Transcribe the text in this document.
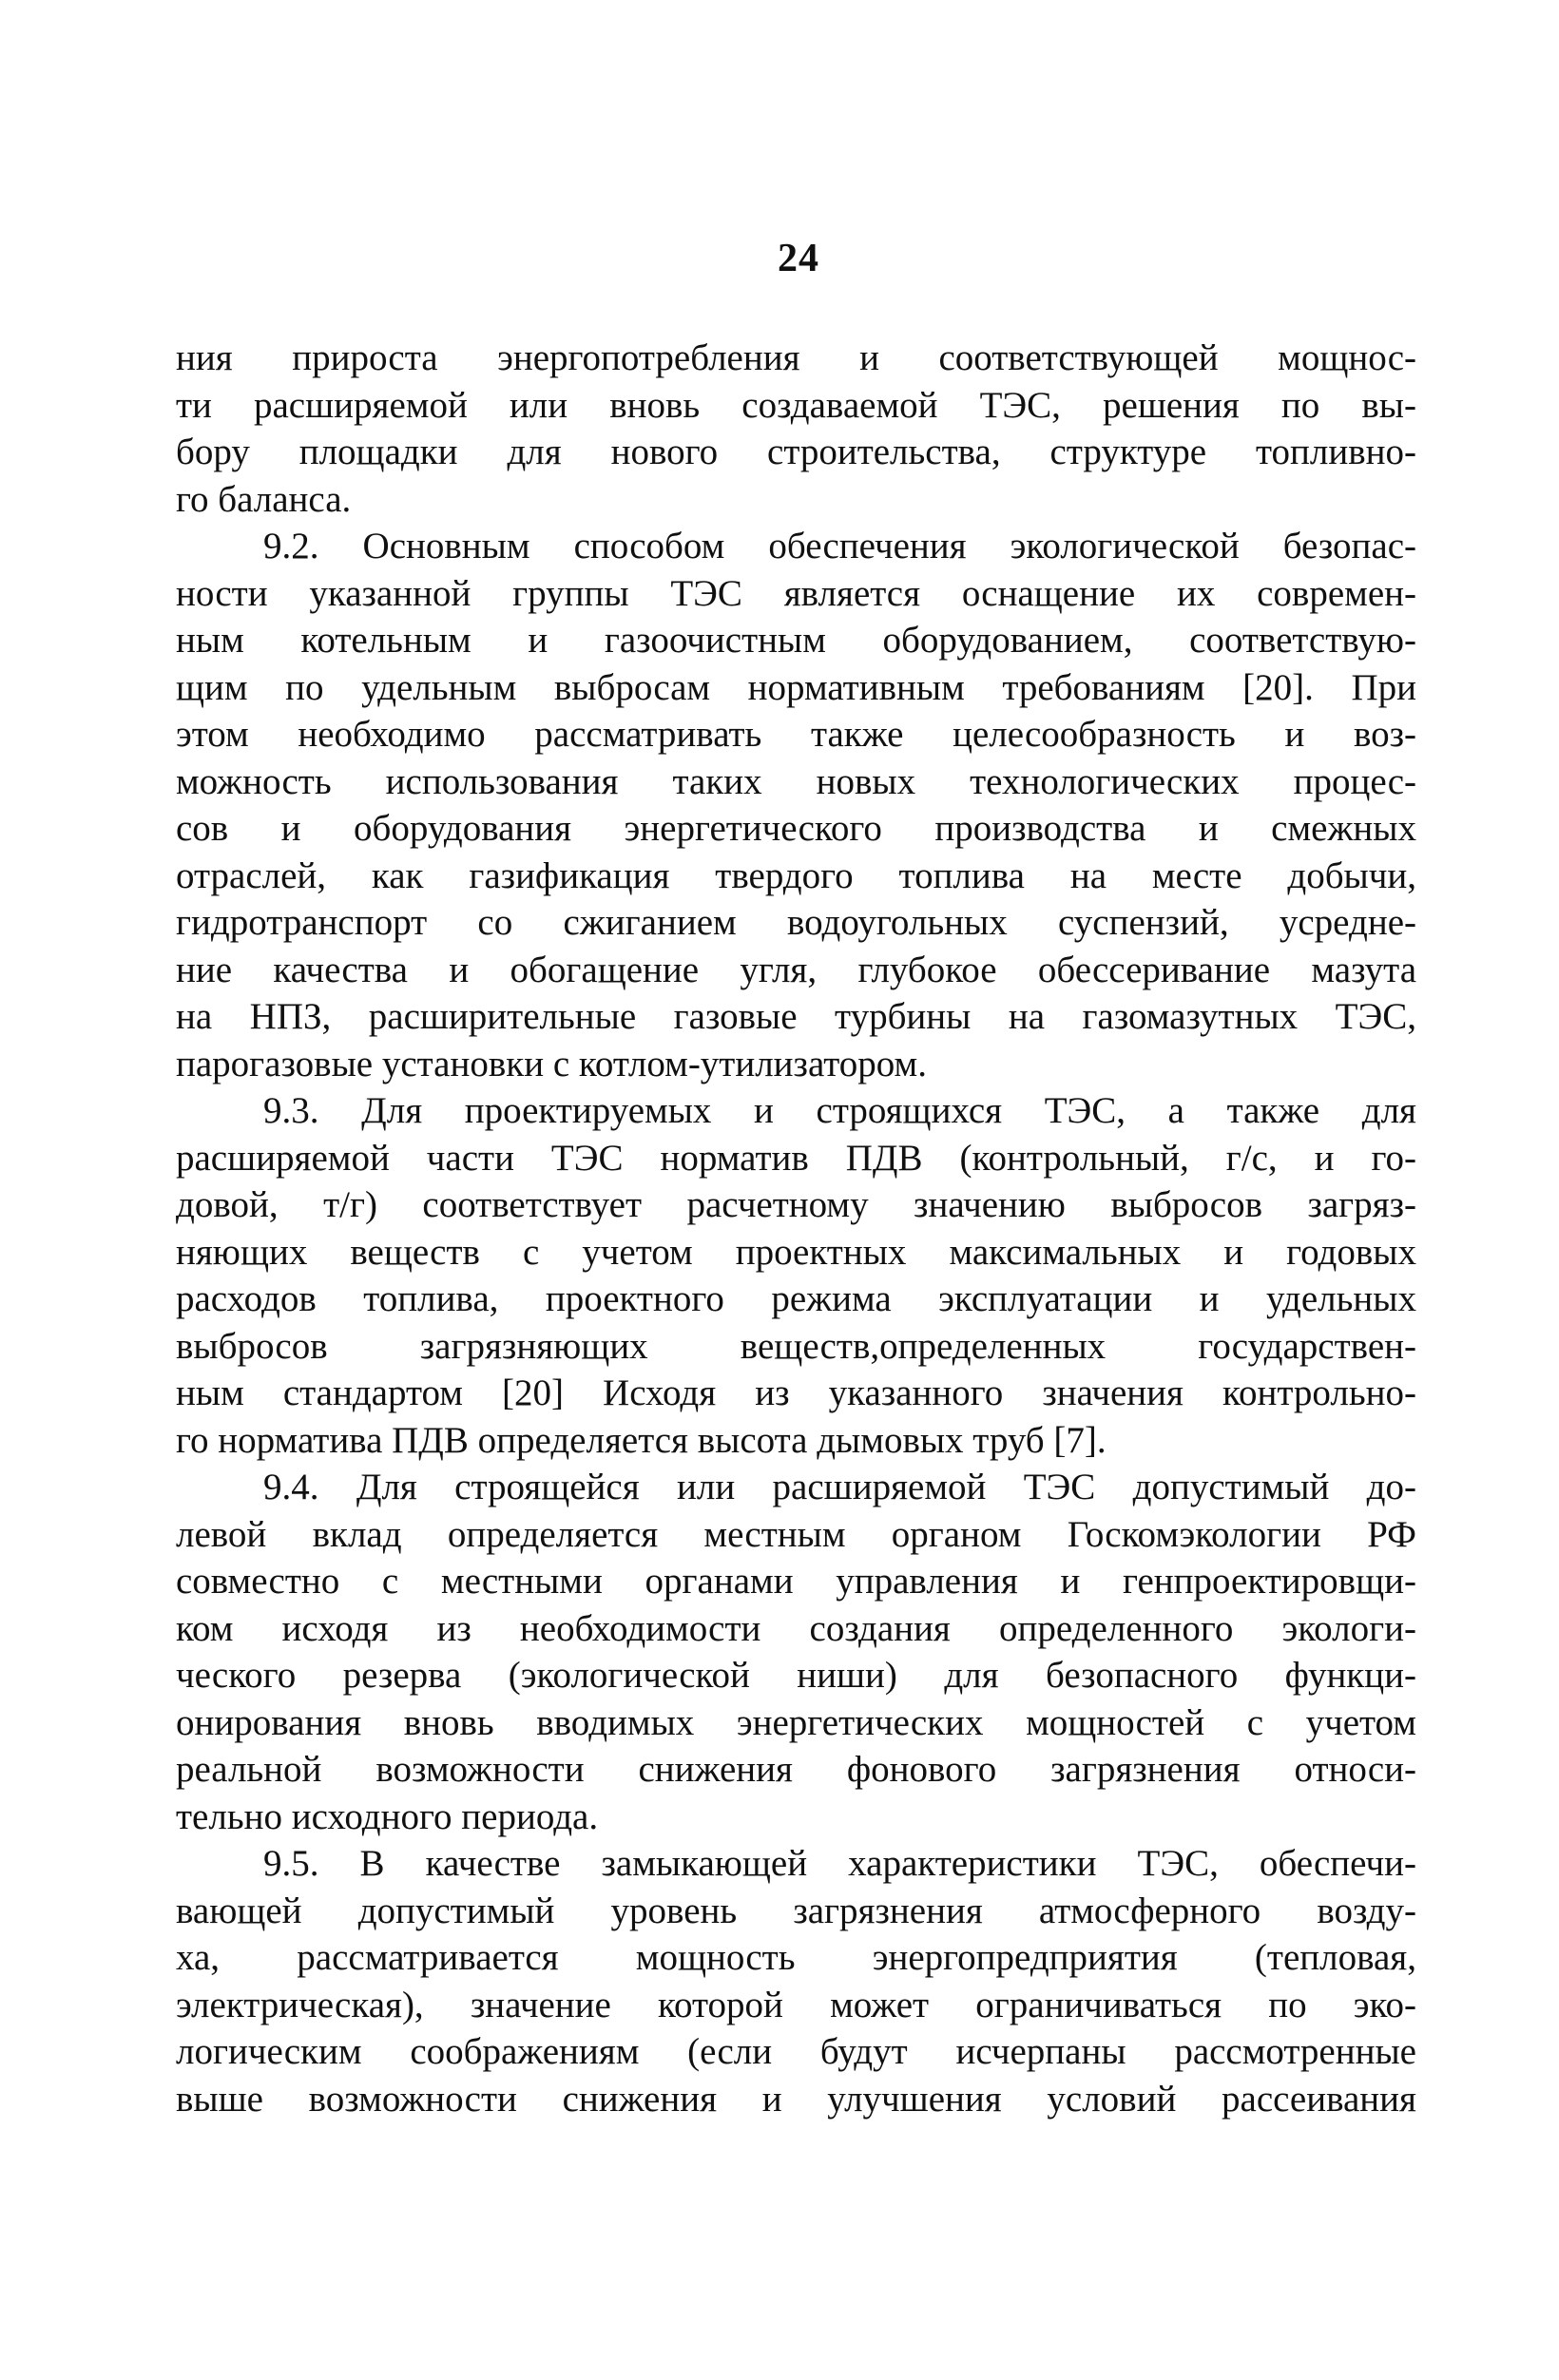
24
ния прироста энергопотребления и соответствующей мощнос-
ти расширяемой или вновь создаваемой ТЭС, решения по вы-
бору площадки для нового строительства, структуре топливно-
го баланса.
9.2. Основным способом обеспечения экологической безопас-
ности указанной группы ТЭС является оснащение их современ-
ным котельным и газоочистным оборудованием, соответствую-
щим по удельным выбросам нормативным требованиям [20]. При
этом необходимо рассматривать также целесообразность и воз-
можность использования таких новых технологических процес-
сов и оборудования энергетического производства и смежных
отраслей, как газификация твердого топлива на месте добычи,
гидротранспорт со сжиганием водоугольных суспензий, усредне-
ние качества и обогащение угля, глубокое обессеривание мазута
на НПЗ, расширительные газовые турбины на газомазутных ТЭС,
парогазовые установки с котлом-утилизатором.
9.3. Для проектируемых и строящихся ТЭС, а также для
расширяемой части ТЭС норматив ПДВ (контрольный, г/с, и го-
довой, т/г) соответствует расчетному значению выбросов загряз-
няющих веществ с учетом проектных максимальных и годовых
расходов топлива, проектного режима эксплуатации и удельных
выбросов загрязняющих веществ,определенных государствен-
ным стандартом [20] Исходя из указанного значения контрольно-
го норматива ПДВ определяется высота дымовых труб [7].
9.4. Для строящейся или расширяемой ТЭС допустимый до-
левой вклад определяется местным органом Госкомэкологии РФ
совместно с местными органами управления и генпроектировщи-
ком исходя из необходимости создания определенного экологи-
ческого резерва (экологической ниши) для безопасного функци-
онирования вновь вводимых энергетических мощностей с учетом
реальной возможности снижения фонового загрязнения относи-
тельно исходного периода.
9.5. В качестве замыкающей характеристики ТЭС, обеспечи-
вающей допустимый уровень загрязнения атмосферного возду-
ха, рассматривается мощность энергопредприятия (тепловая,
электрическая), значение которой может ограничиваться по эко-
логическим соображениям (если будут исчерпаны рассмотренные
выше возможности снижения и улучшения условий рассеивания
